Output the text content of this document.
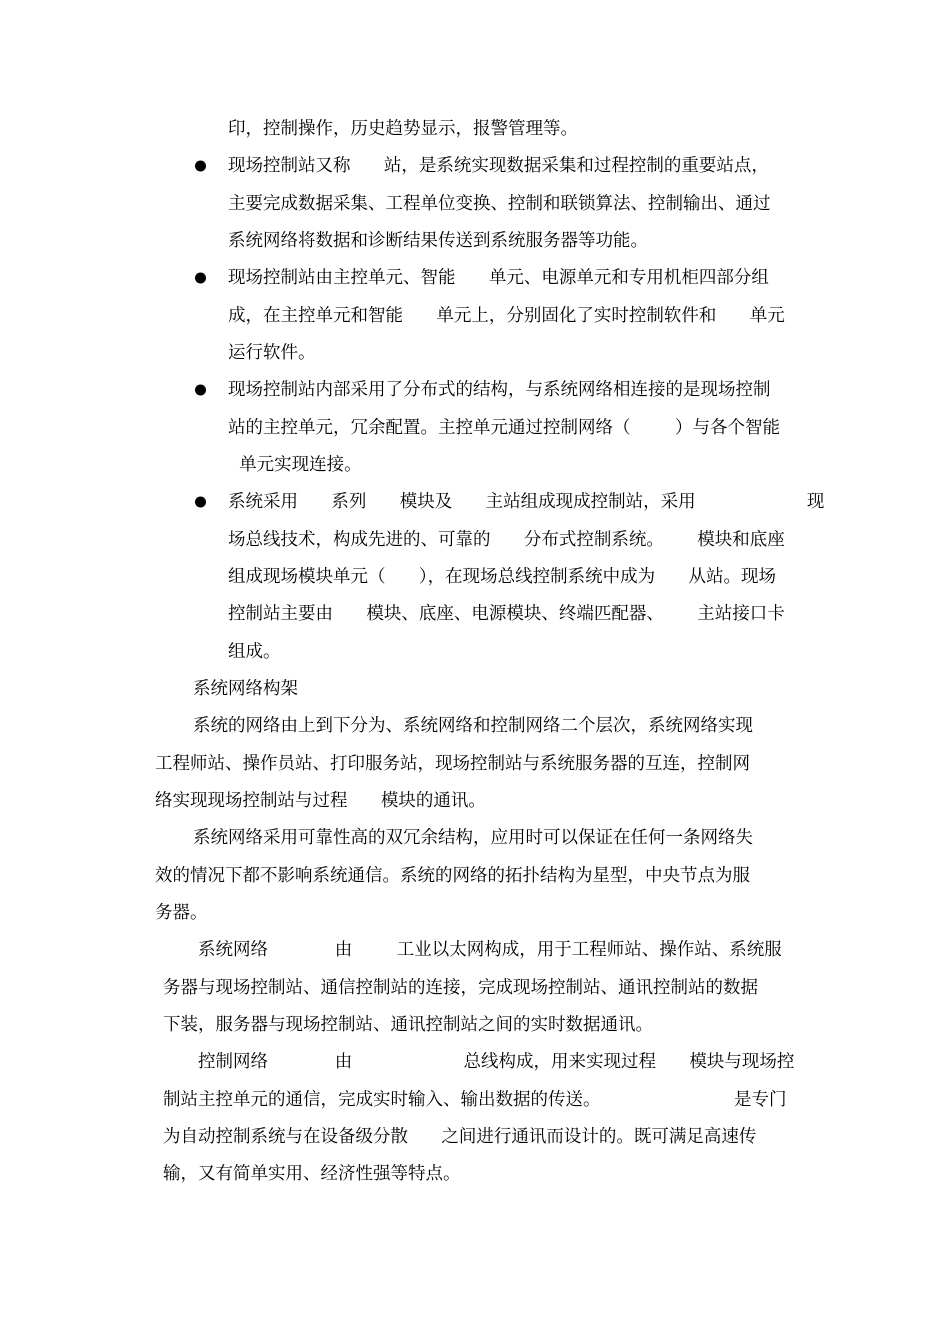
印，控制操作，历史趋势显示，报警管理等。
现场控制站又称      站，是系统实现数据采集和过程控制的重要站点，
主要完成数据采集、工程单位变换、控制和联锁算法、控制输出、通过
系统网络将数据和诊断结果传送到系统服务器等功能。
现场控制站由主控单元、智能      单元、电源单元和专用机柜四部分组
成，在主控单元和智能      单元上，分别固化了实时控制软件和      单元
运行软件。
现场控制站内部采用了分布式的结构，与系统网络相连接的是现场控制
站的主控单元，冗余配置。主控单元通过控制网络（        ）与各个智能
单元实现连接。
系统采用      系列      模块及      主站组成现成控制站，采用                    现
场总线技术，构成先进的、可靠的      分布式控制系统。      模块和底座
组成现场模块单元（      ），在现场总线控制系统中成为      从站。现场
控制站主要由      模块、底座、电源模块、终端匹配器、      主站接口卡
组成。
系统网络构架
系统的网络由上到下分为、系统网络和控制网络二个层次，系统网络实现
工程师站、操作员站、打印服务站，现场控制站与系统服务器的互连，控制网
络实现现场控制站与过程      模块的通讯。
系统网络采用可靠性高的双冗余结构，应用时可以保证在任何一条网络失
效的情况下都不影响系统通信。系统的网络的拓扑结构为星型，中央节点为服
务器。
系统网络            由        工业以太网构成，用于工程师站、操作站、系统服
务器与现场控制站、通信控制站的连接，完成现场控制站、通讯控制站的数据
下装，服务器与现场控制站、通讯控制站之间的实时数据通讯。
控制网络            由                    总线构成，用来实现过程      模块与现场控
制站主控单元的通信，完成实时输入、输出数据的传送。                        是专门
为自动控制系统与在设备级分散      之间进行通讯而设计的。既可满足高速传
输，又有简单实用、经济性强等特点。
